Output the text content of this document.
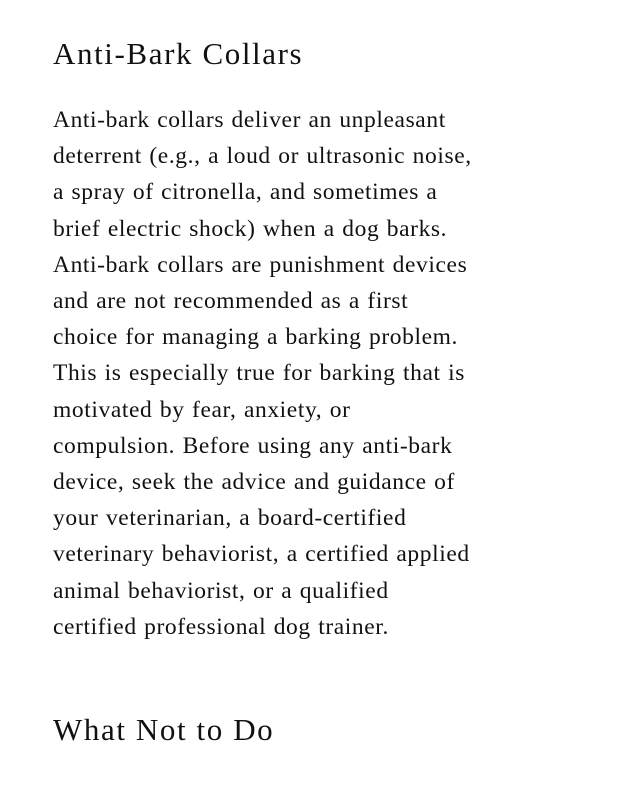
Anti-Bark Collars

Anti-bark collars deliver an unpleasant
deterrent (e.g., a loud or ultrasonic noise,
a spray of citronella, and sometimes a
brief electric shock) when a dog barks.
Anti-bark collars are punishment devices
and are not recommended as a first
choice for managing a barking problem.
This is especially true for barking that is
motivated by fear, anxiety, or
compulsion. Before using any anti-bark
device, seek the advice and guidance of
your veterinarian, a board-certified
veterinary behaviorist, a certified applied
animal behaviorist, or a qualified
certified professional dog trainer.

What Not to Do
